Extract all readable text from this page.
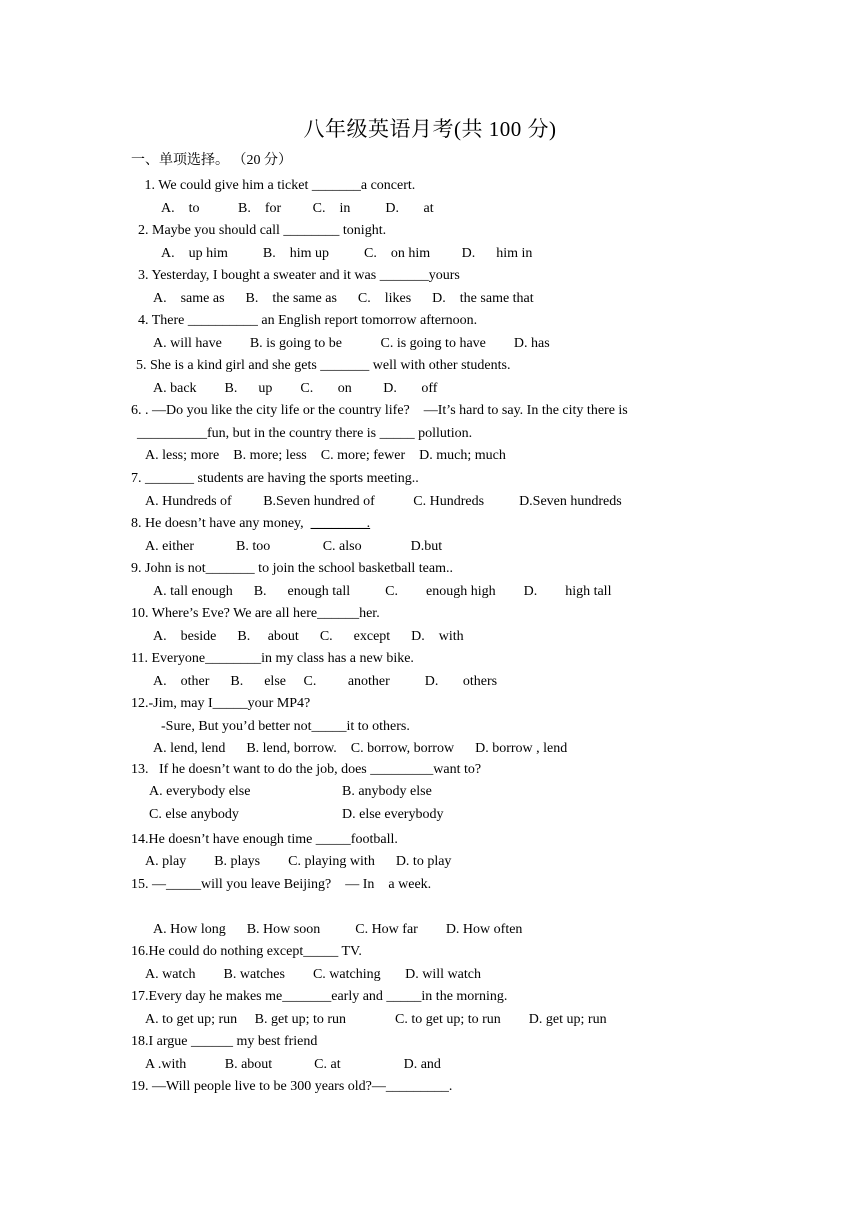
八年级英语月考(共 100 分)
一、单项选择。 （20 分）
1. We could give him a ticket _______a concert.
A.    to           B.    for         C.    in          D.       at
2. Maybe you should call ________ tonight.
A.    up him          B.    him up          C.    on him         D.      him in
3. Yesterday, I bought a sweater and it was _______yours
A.    same as      B.    the same as      C.    likes      D.    the same that
4. There __________ an English report tomorrow afternoon.
A. will have        B. is going to be           C. is going to have        D. has
5. She is a kind girl and she gets _______ well with other students.
A. back        B.      up        C.       on         D.       off
6. . —Do you like the city life or the country life?    —It’s hard to say. In the city there is
__________fun, but in the country there is _____ pollution.
A. less; more    B. more; less    C. more; fewer    D. much; much
7. _______ students are having the sports meeting..
A. Hundreds of         B.Seven hundred of           C. Hundreds          D.Seven hundreds
8. He doesn’t have any money,  ________.
A. either            B. too               C. also              D.but
9. John is not_______ to join the school basketball team..
A. tall enough      B.      enough tall          C.        enough high        D.        high tall
10. Where’s Eve? We are all here______her.
A.    beside      B.     about      C.      except      D.    with
11. Everyone________in my class has a new bike.
A.    other      B.      else     C.         another          D.       others
12.-Jim, may I_____your MP4?
-Sure, But you’d better not_____it to others.
A. lend, lend      B. lend, borrow.    C. borrow, borrow      D. borrow , lend
13.   If he doesn’t want to do the job, does _________want to?
A. everybody else	B. anybody else
C. else anybody	D. else everybody
14.He doesn’t have enough time _____football.
A. play        B. plays        C. playing with      D. to play
15. —_____will you leave Beijing?    — In    a week.
A. How long      B. How soon          C. How far        D. How often
16.He could do nothing except_____ TV.
A. watch        B. watches        C. watching       D. will watch
17.Every day he makes me_______early and _____in the morning.
A. to get up; run     B. get up; to run              C. to get up; to run        D. get up; run
18.I argue ______ my best friend
A .with           B. about            C. at                  D. and
19. —Will people live to be 300 years old?—_________.
